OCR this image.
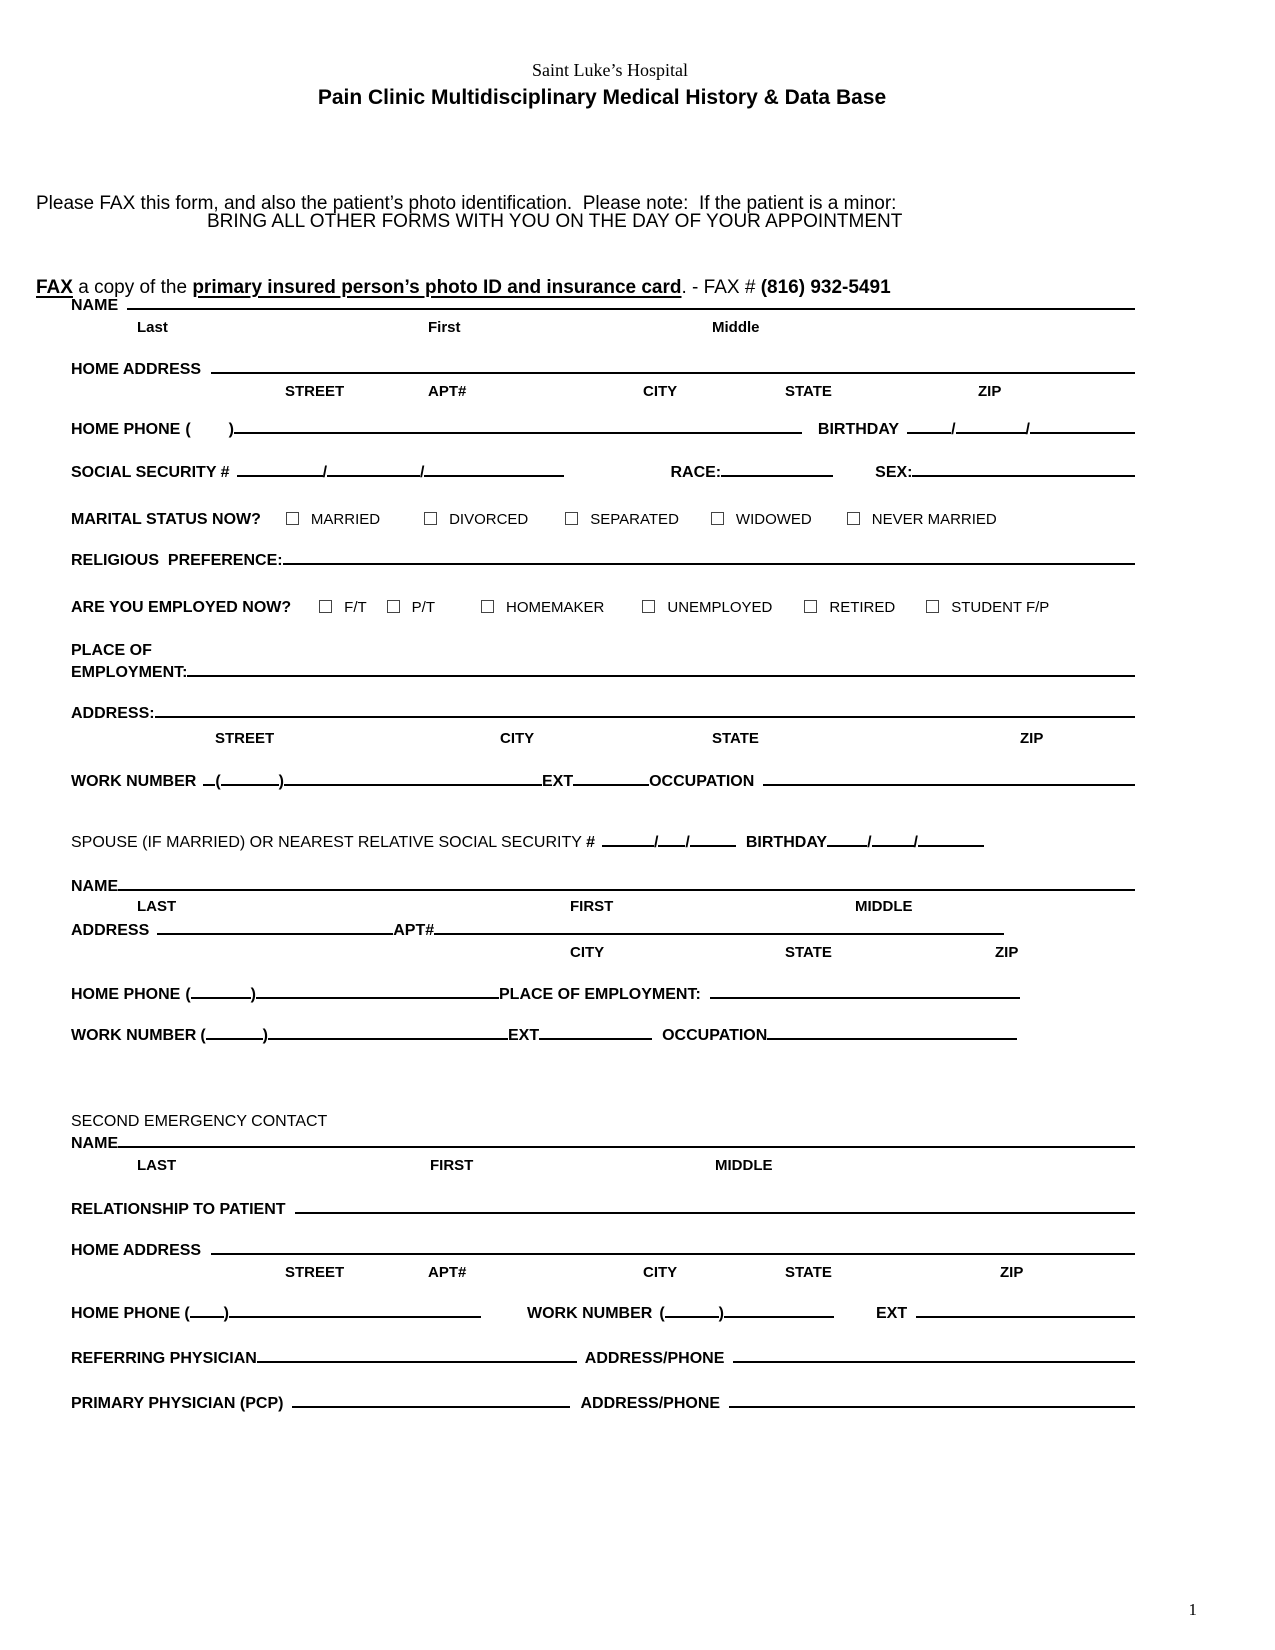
Saint Luke’s Hospital
Pain Clinic Multidisciplinary Medical History & Data Base

Please FAX this form, and also the patient’s photo identification.  Please note:  If the patient is a minor:

FAX a copy of the primary insured person’s photo ID and insurance card. - FAX # (816) 932-5491

BRING ALL OTHER FORMS WITH YOU ON THE DAY OF YOUR APPOINTMENT
NAME
Last	First	Middle
HOME ADDRESS
STREET	APT#	CITY	STATE	ZIP
HOME PHONE ( )	BIRTHDAY	/	/
SOCIAL SECURITY #	/	/	RACE:	SEX:
MARITAL STATUS NOW?	MARRIED	DIVORCED	SEPARATED	WIDOWED	NEVER MARRIED
RELIGIOUS  PREFERENCE:
ARE YOU EMPLOYED NOW?	F/T	P/T	HOMEMAKER	UNEMPLOYED	RETIRED	STUDENT F/P
PLACE OF
EMPLOYMENT:
ADDRESS:
STREET	CITY	STATE	ZIP
WORK NUMBER (	)	EXT	OCCUPATION
SPOUSE (IF MARRIED) OR NEAREST RELATIVE SOCIAL SECURITY #	/ /	BIRTHDAY	/	/
NAME
LAST	FIRST	MIDDLE
ADDRESS	APT#
CITY	STATE	ZIP
HOME PHONE (	)	PLACE OF EMPLOYMENT:
WORK NUMBER (	)	EXT	OCCUPATION
SECOND EMERGENCY CONTACT
NAME
LAST	FIRST	MIDDLE
RELATIONSHIP TO PATIENT
HOME ADDRESS
STREET	APT#	CITY	STATE	ZIP
HOME PHONE ( )	WORK NUMBER (	)	EXT
REFERRING PHYSICIAN	ADDRESS/PHONE
PRIMARY PHYSICIAN (PCP)	ADDRESS/PHONE
1
